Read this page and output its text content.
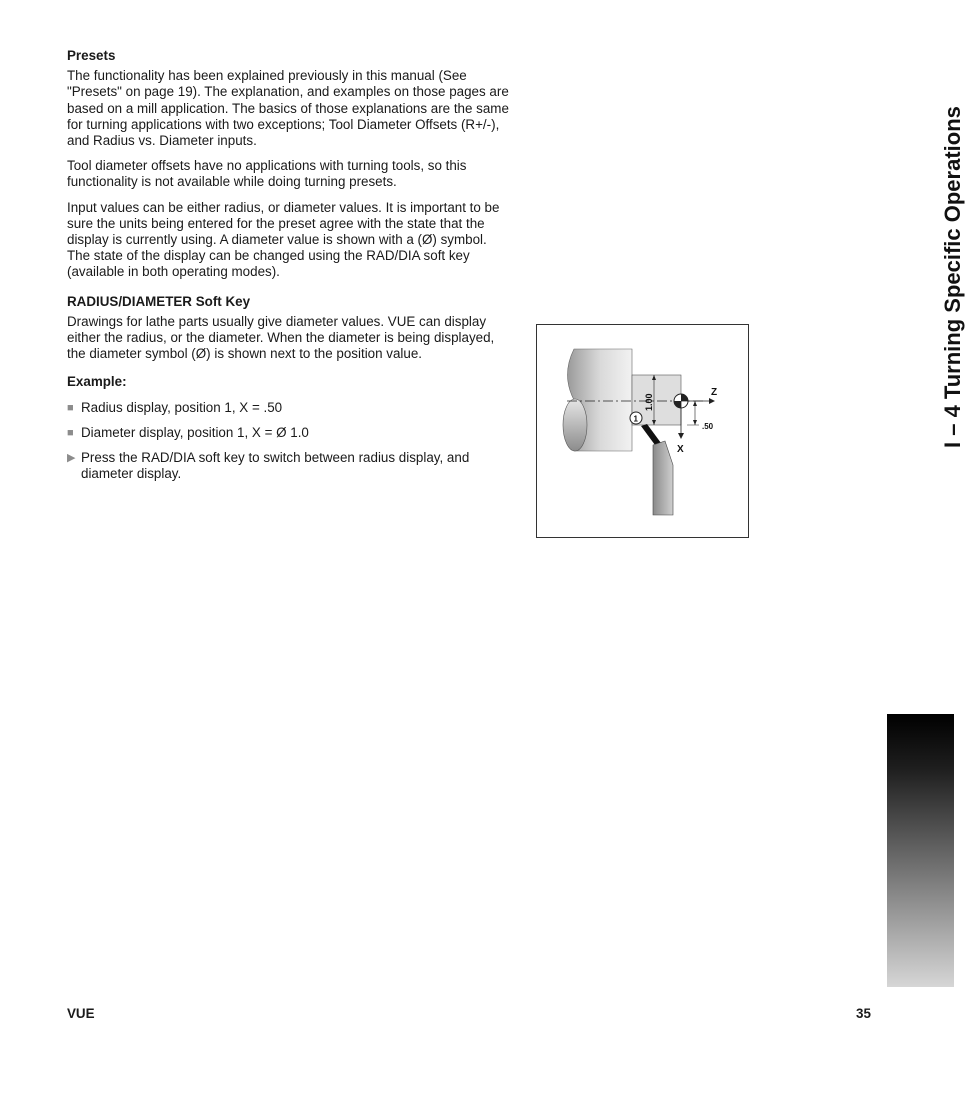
Presets

The functionality has been explained previously in this manual (See "Presets" on page 19). The explanation, and examples on those pages are based on a mill application. The basics of those explanations are the same for turning applications with two exceptions; Tool Diameter Offsets (R+/-), and Radius vs. Diameter inputs.

Tool diameter offsets have no applications with turning tools, so this functionality is not available while doing turning presets.

Input values can be either radius, or diameter values. It is important to be sure the units being entered for the preset agree with the state that the display is currently using. A diameter value is shown with a (Ø) symbol. The state of the display can be changed using the RAD/DIA soft key (available in both operating modes).

RADIUS/DIAMETER Soft Key

Drawings for lathe parts usually give diameter values. VUE can display either the radius, or the diameter. When the diameter is being displayed, the diameter symbol (Ø) is shown next to the position value.

Example:
■ Radius display, position 1, X = .50
■ Diameter display, position 1, X = Ø 1.0
▶ Press the RAD/DIA soft key to switch between radius display, and diameter display.
1.00
Z
X
.50
1	I – 4 Turning Specific Operations
VUE	35
